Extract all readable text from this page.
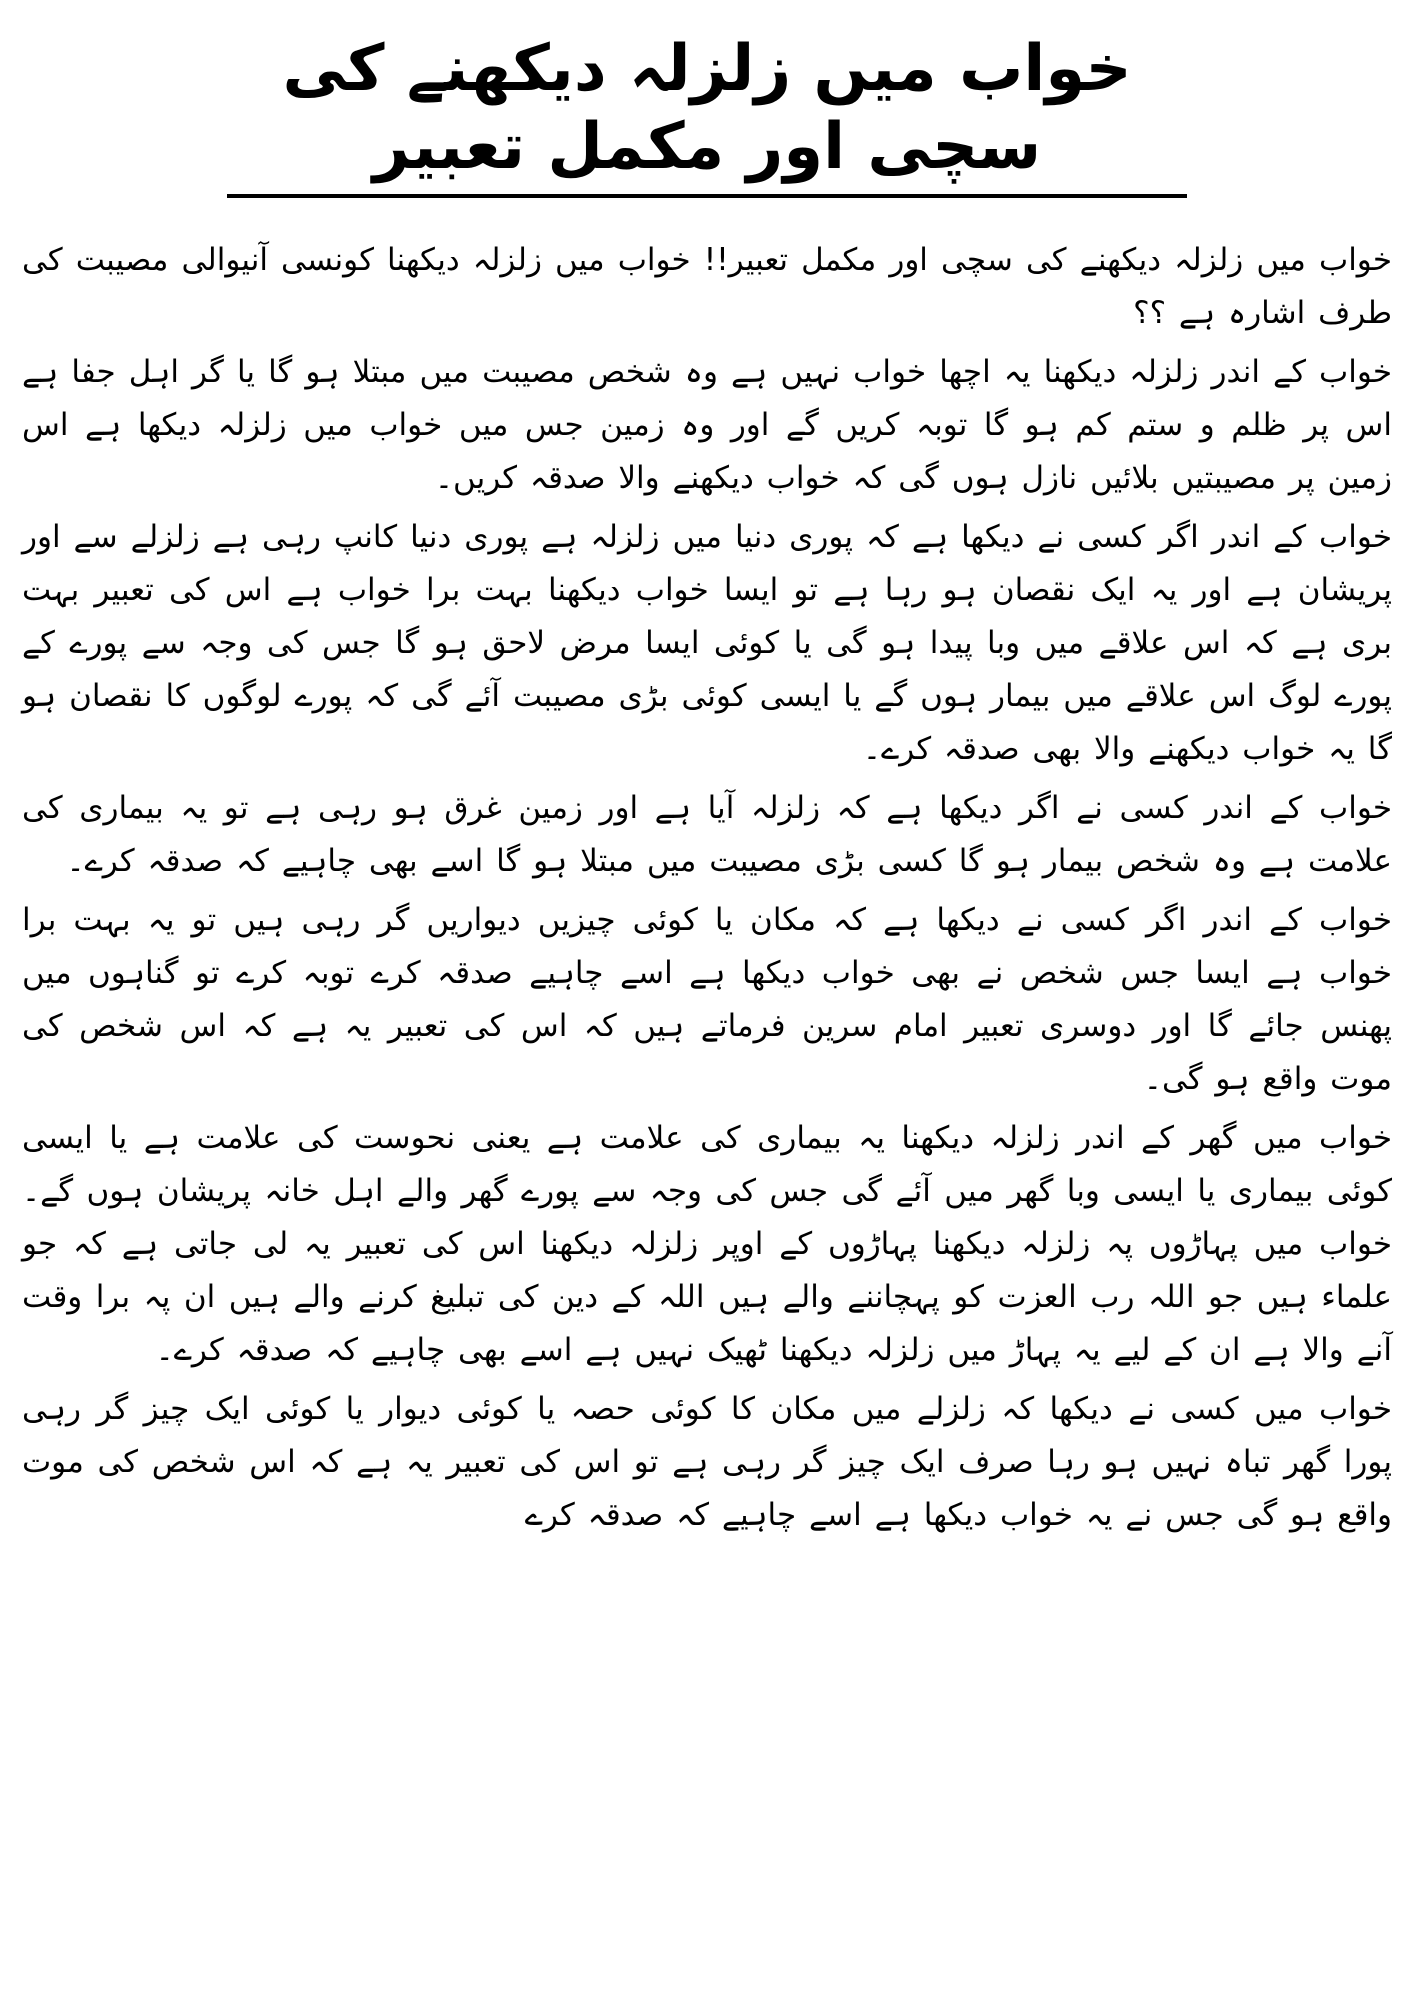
خواب میں زلزلہ دیکھنے کی سچی اور مکمل تعبیر

خواب میں زلزلہ دیکھنے کی سچی اور مکمل تعبیر!! خواب میں زلزلہ دیکھنا کونسی آنیوالی مصیبت کی طرف اشارہ ہے ؟؟

خواب کے اندر زلزلہ دیکھنا یہ اچھا خواب نہیں ہے وہ شخص مصیبت میں مبتلا ہو گا یا گر اہل جفا ہے اس پر ظلم و ستم کم ہو گا توبہ کریں گے اور وہ زمین جس میں خواب میں زلزلہ دیکھا ہے اس زمین پر مصیبتیں بلائیں نازل ہوں گی کہ خواب دیکھنے والا صدقہ کریں۔

خواب کے اندر اگر کسی نے دیکھا ہے کہ پوری دنیا میں زلزلہ ہے پوری دنیا کانپ رہی ہے زلزلے سے اور پریشان ہے اور یہ ایک نقصان ہو رہا ہے تو ایسا خواب دیکھنا بہت برا خواب ہے اس کی تعبیر بہت بری ہے کہ اس علاقے میں وبا پیدا ہو گی یا کوئی ایسا مرض لاحق ہو گا جس کی وجہ سے پورے کے پورے لوگ اس علاقے میں بیمار ہوں گے یا ایسی کوئی بڑی مصیبت آئے گی کہ پورے لوگوں کا نقصان ہو گا یہ خواب دیکھنے والا بھی صدقہ کرے۔

خواب کے اندر کسی نے اگر دیکھا ہے کہ زلزلہ آیا ہے اور زمین غرق ہو رہی ہے تو یہ بیماری کی علامت ہے وہ شخص بیمار ہو گا کسی بڑی مصیبت میں مبتلا ہو گا اسے بھی چاہیے کہ صدقہ کرے۔

خواب کے اندر اگر کسی نے دیکھا ہے کہ مکان یا کوئی چیزیں دیواریں گر رہی ہیں تو یہ بہت برا خواب ہے ایسا جس شخص نے بھی خواب دیکھا ہے اسے چاہیے صدقہ کرے توبہ کرے تو گناہوں میں پھنس جائے گا اور دوسری تعبیر امام سرین فرماتے ہیں کہ اس کی تعبیر یہ ہے کہ اس شخص کی موت واقع ہو گی۔

خواب میں گھر کے اندر زلزلہ دیکھنا یہ بیماری کی علامت ہے یعنی نحوست کی علامت ہے یا ایسی کوئی بیماری یا ایسی وبا گھر میں آئے گی جس کی وجہ سے پورے گھر والے اہل خانہ پریشان ہوں گے۔ خواب میں پہاڑوں پہ زلزلہ دیکھنا پہاڑوں کے اوپر زلزلہ دیکھنا اس کی تعبیر یہ لی جاتی ہے کہ جو علماء ہیں جو اللہ رب العزت کو پہچاننے والے ہیں اللہ کے دین کی تبلیغ کرنے والے ہیں ان پہ برا وقت آنے والا ہے ان کے لیے یہ پہاڑ میں زلزلہ دیکھنا ٹھیک نہیں ہے اسے بھی چاہیے کہ صدقہ کرے۔

خواب میں کسی نے دیکھا کہ زلزلے میں مکان کا کوئی حصہ یا کوئی دیوار یا کوئی ایک چیز گر رہی پورا گھر تباہ نہیں ہو رہا صرف ایک چیز گر رہی ہے تو اس کی تعبیر یہ ہے کہ اس شخص کی موت واقع ہو گی جس نے یہ خواب دیکھا ہے اسے چاہیے کہ صدقہ کرے
